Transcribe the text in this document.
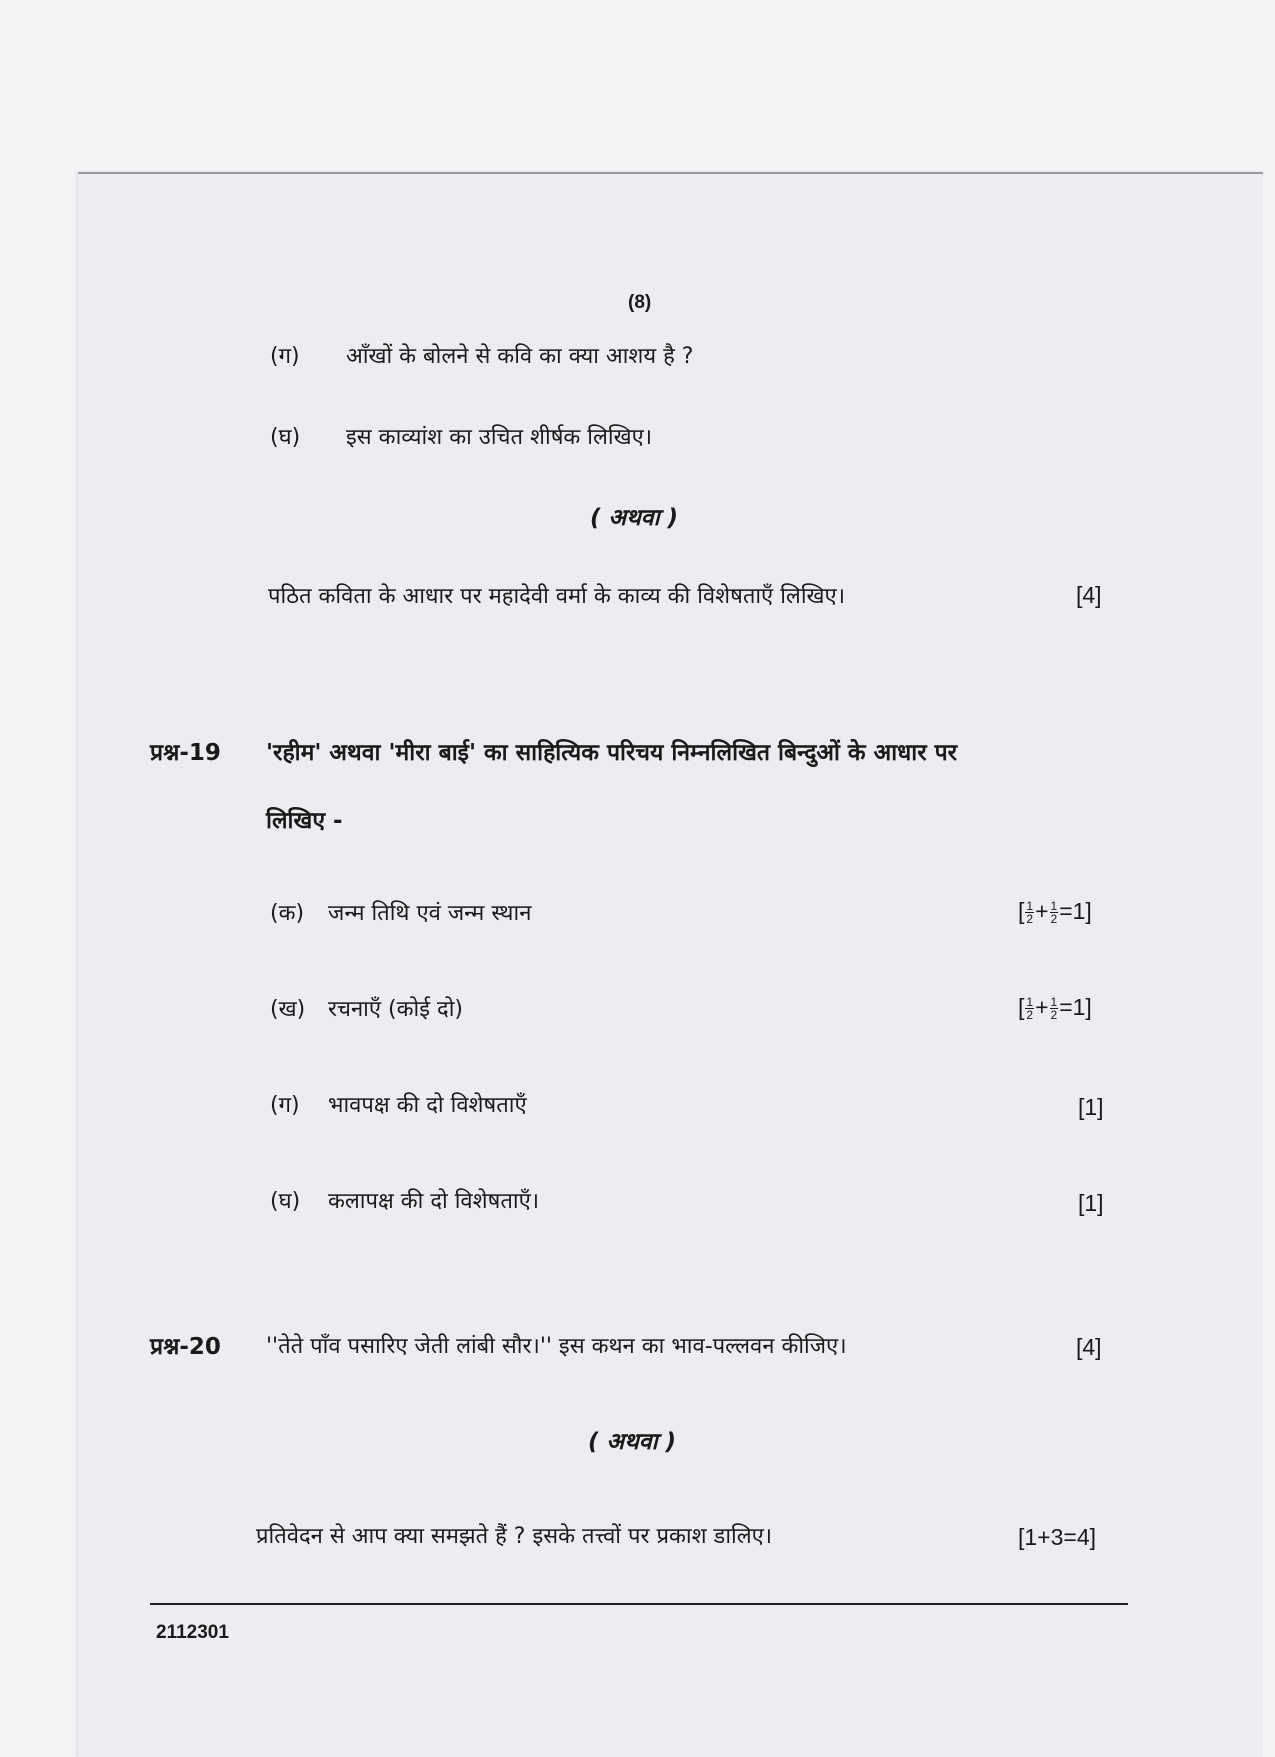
(8)
(ग) आँखों के बोलने से कवि का क्या आशय है ?
(घ) इस काव्यांश का उचित शीर्षक लिखिए।
( अथवा )
पठित कविता के आधार पर महादेवी वर्मा के काव्य की विशेषताएँ लिखिए।	[4]
प्रश्न-19 'रहीम' अथवा 'मीरा बाई' का साहित्यिक परिचय निम्नलिखित बिन्दुओं के आधार पर
लिखिए -
(क) जन्म तिथि एवं जन्म स्थान	[ $\frac{1}{2} + \frac{1}{2} =1$]
(ख) रचनाएँ (कोई दो)	[ $\frac{1}{2} + \frac{1}{2} =1$]
(ग) भावपक्ष की दो विशेषताएँ	[1]
(घ) कलापक्ष की दो विशेषताएँ।	[1]
प्रश्न-20 ''तेते पाँव पसारिए जेती लांबी सौर।'' इस कथन का भाव-पल्लवन कीजिए।	[4]
( अथवा )
प्रतिवेदन से आप क्या समझते हैं ? इसके तत्त्वों पर प्रकाश डालिए।	[1+3=4]
2112301
